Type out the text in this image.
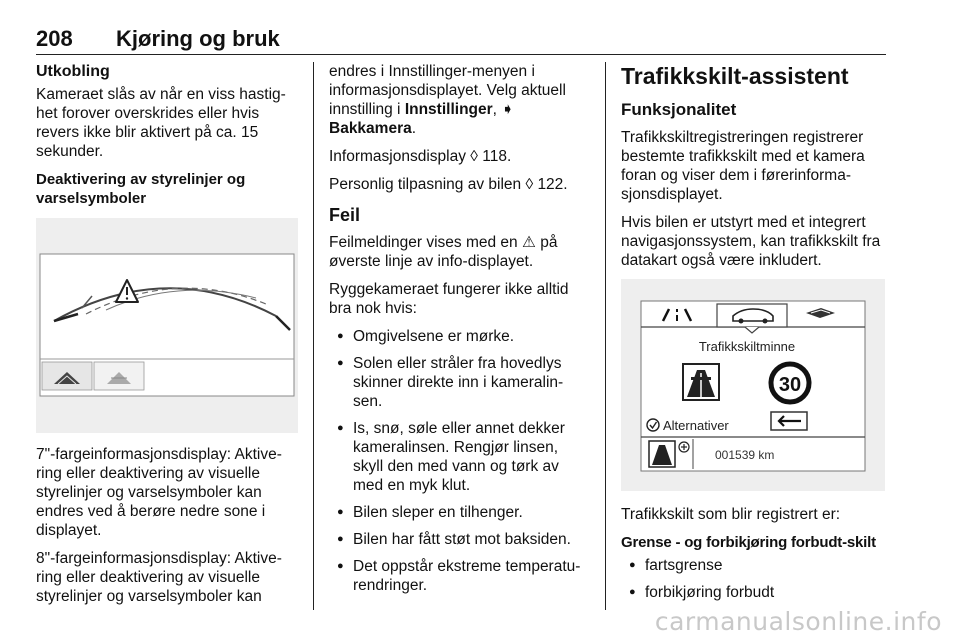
208 Kjøring og bruk
Utkobling

Kameraet slås av når en viss hastig-het forover overskrides eller hvis revers ikke blir aktivert på ca. 15 sekunder.

Deaktivering av styrelinjer og varselsymboler

7"-fargeinformasjonsdisplay: Aktive-ring eller deaktivering av visuelle styrelinjer og varselsymboler kan endres ved å berøre nedre sone i displayet.

8"-fargeinformasjonsdisplay: Aktive-ring eller deaktivering av visuelle styrelinjer og varselsymboler kan

endres i Innstillinger-menyen i informasjonsdisplayet. Velg aktuell innstilling i Innstillinger, ➧ Bakkamera.

Informasjonsdisplay ◊ 118.

Personlig tilpasning av bilen ◊ 122.

Feil

Feilmeldinger vises med en ⚠ på øverste linje av info-displayet.

Ryggekameraet fungerer ikke alltid bra nok hvis:

● Omgivelsene er mørke.
● Solen eller stråler fra hovedlys skinner direkte inn i kameralin-sen.
● Is, snø, søle eller annet dekker kameralinsen. Rengjør linsen, skyll den med vann og tørk av med en myk klut.
● Bilen sleper en tilhenger.
● Bilen har fått støt mot baksiden.
● Det oppstår ekstreme temperatu-rendringer.
Trafikkskilt-assistent
Funksjonalitet

Trafikkskiltregistreringen registrerer bestemte trafikkskilt med et kamera foran og viser dem i førerinforma-sjonsdisplayet.

Hvis bilen er utstyrt med et integrert navigasjonssystem, kan trafikkskilt fra datakart også være inkludert.

Trafikkskiltminne
30
Alternativer
001539 km

Trafikkskilt som blir registrert er:

Grense - og forbikjøring forbudt-skilt
● fartsgrense
● forbikjøring forbudt
carmanualsonline.info
